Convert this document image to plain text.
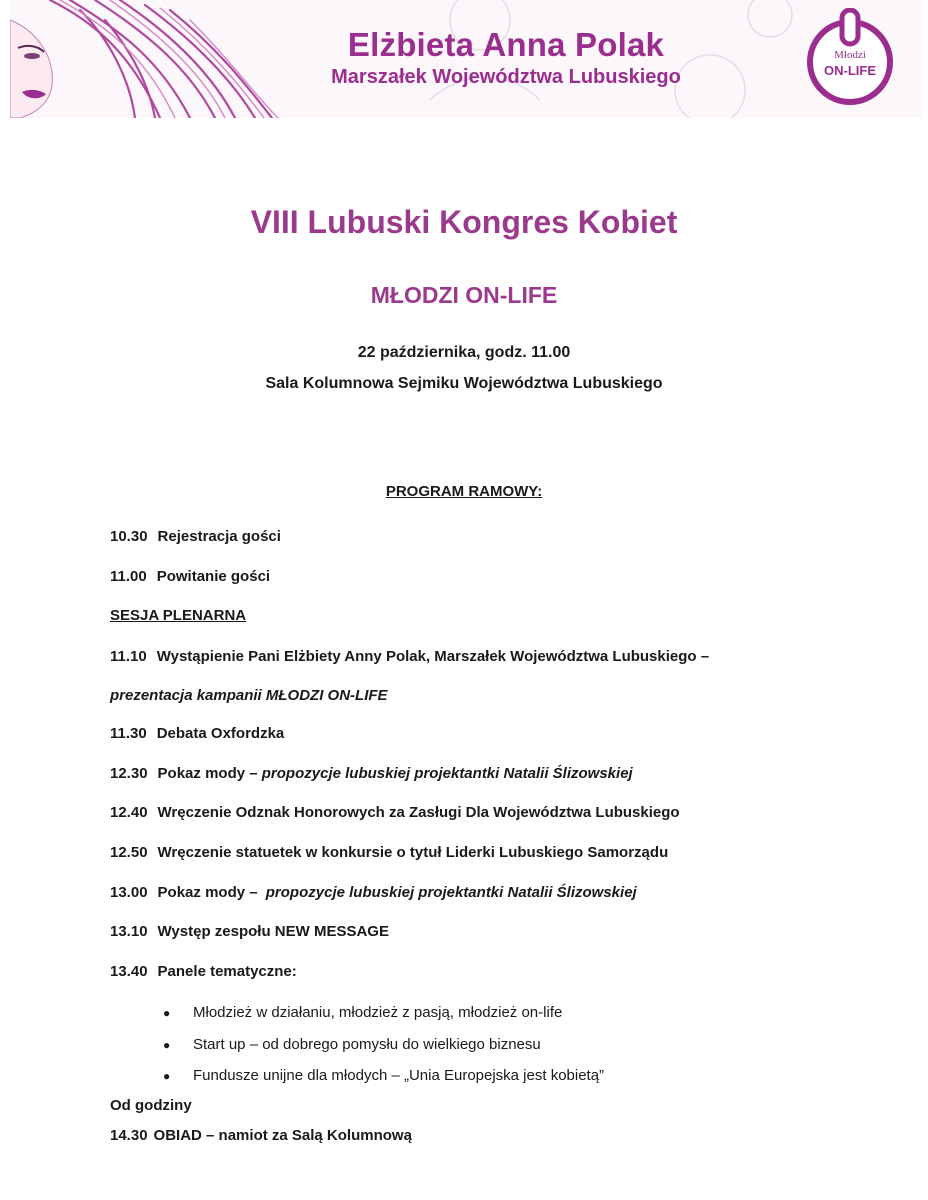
Elżbieta Anna Polak
Marszałek Województwa Lubuskiego
Młodzi
ON-LIFE
VIII Lubuski Kongres Kobiet
MŁODZI ON-LIFE
22 października, godz. 11.00
Sala Kolumnowa Sejmiku Województwa Lubuskiego
PROGRAM RAMOWY:
10.30 Rejestracja gości
11.00 Powitanie gości
SESJA PLENARNA
11.10 Wystąpienie Pani Elżbiety Anny Polak, Marszałek Województwa Lubuskiego –
prezentacja kampanii MŁODZI ON-LIFE
11.30 Debata Oxfordzka
12.30 Pokaz mody – propozycje lubuskiej projektantki Natalii Ślizowskiej
12.40 Wręczenie Odznak Honorowych za Zasługi Dla Województwa Lubuskiego
12.50 Wręczenie statuetek w konkursie o tytuł Liderki Lubuskiego Samorządu
13.00 Pokaz mody – propozycje lubuskiej projektantki Natalii Ślizowskiej
13.10 Występ zespołu NEW MESSAGE
13.40 Panele tematyczne:
● Młodzież w działaniu, młodzież z pasją, młodzież on-life
● Start up – od dobrego pomysłu do wielkiego biznesu
● Fundusze unijne dla młodych – „Unia Europejska jest kobietą”
Od godziny
14.30 OBIAD – namiot za Salą Kolumnową
